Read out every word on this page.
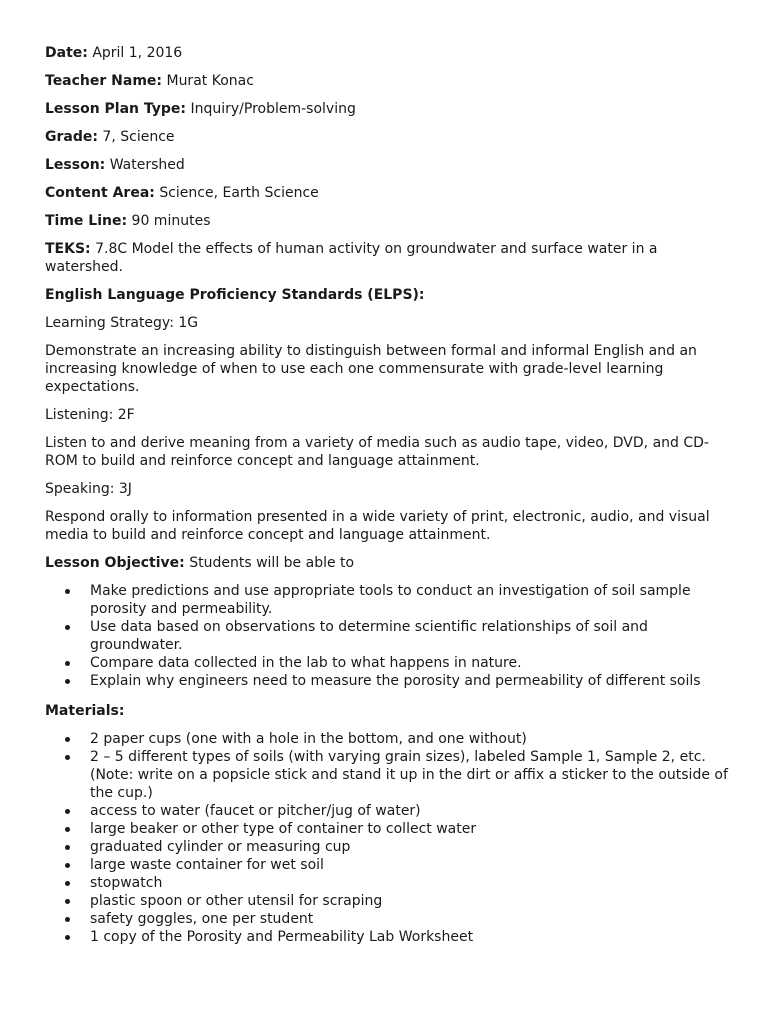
Date: April 1, 2016
Teacher Name: Murat Konac
Lesson Plan Type: Inquiry/Problem-solving
Grade: 7, Science
Lesson: Watershed
Content Area: Science, Earth Science
Time Line: 90 minutes
TEKS: 7.8C Model the effects of human activity on groundwater and surface water in a watershed.
English Language Proficiency Standards (ELPS):
Learning Strategy: 1G
Demonstrate an increasing ability to distinguish between formal and informal English and an increasing knowledge of when to use each one commensurate with grade-level learning expectations.
Listening: 2F
Listen to and derive meaning from a variety of media such as audio tape, video, DVD, and CD-ROM to build and reinforce concept and language attainment.
Speaking: 3J
Respond orally to information presented in a wide variety of print, electronic, audio, and visual media to build and reinforce concept and language attainment.
Lesson Objective: Students will be able to
Make predictions and use appropriate tools to conduct an investigation of soil sample porosity and permeability.
Use data based on observations to determine scientific relationships of soil and groundwater.
Compare data collected in the lab to what happens in nature.
Explain why engineers need to measure the porosity and permeability of different soils
Materials:
2 paper cups (one with a hole in the bottom, and one without)
2 – 5 different types of soils (with varying grain sizes), labeled Sample 1, Sample 2, etc. (Note: write on a popsicle stick and stand it up in the dirt or affix a sticker to the outside of the cup.)
access to water (faucet or pitcher/jug of water)
large beaker or other type of container to collect water
graduated cylinder or measuring cup
large waste container for wet soil
stopwatch
plastic spoon or other utensil for scraping
safety goggles, one per student
1 copy of the Porosity and Permeability Lab Worksheet
